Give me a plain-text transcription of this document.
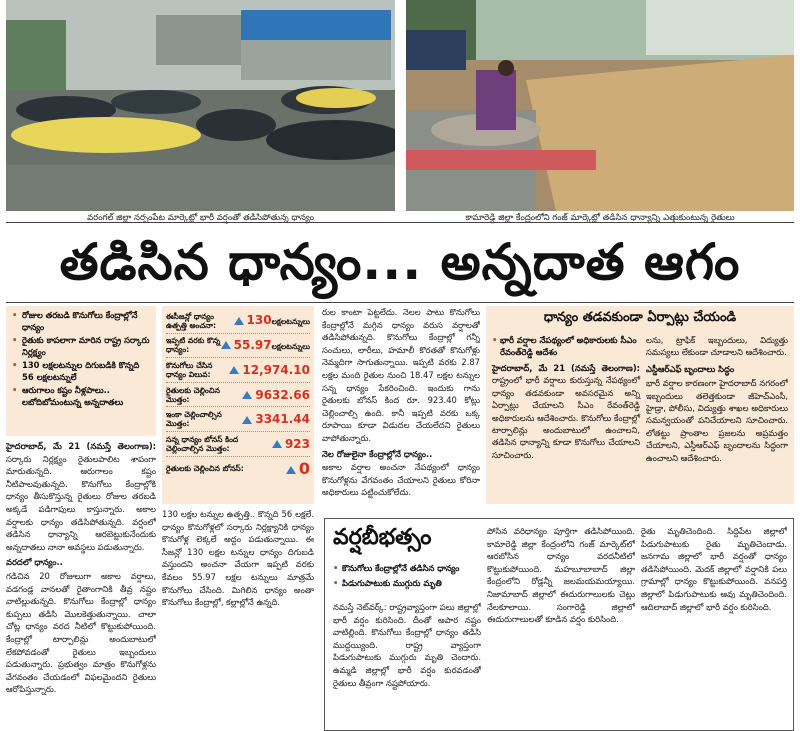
వరంగల్ జిల్లా నర్సంపేట మార్కెట్లో భారీ వర్షంతో తడిసిపోతున్న ధాన్యం	కామారెడ్డి జిల్లా కేంద్రంలోని గంజ్ మార్కెట్లో తడిసిన ధాన్యాన్ని ఎత్తుకుంటున్న రైతులు
తడిసిన ధాన్యం... అన్నదాత ఆగం
• రోజుల తరబడి కొనుగోలు కేంద్రాల్లోనే ధాన్యం
• రైతుకు కాపలాగా మారిన రాష్ట్ర సర్కారు నిర్లక్ష్యం
• 130 లక్షలటన్నుల దిగుబడికి కొన్నది 56 లక్షలటన్నులే
• ఆరుగాలం కష్టం నీళ్లపాలు.. లబోదిబోమంటున్న అన్నదాతలు

హైదరాబాద్, మే 21 (నమస్తే తెలంగాణ): సర్కారు నిర్లక్ష్యం రైతులపాలిట శాపంగా మారుతున్నది. ఆరుగాలం కష్టం నీటిపాలవుతున్నది. కొనుగోలు కేంద్రాల్లోకి ధాన్యం తీసుకొస్తున్న రైతులు రోజుల తరబడి అక్కడే పడిగాపులు కాస్తున్నారు. అకాల వర్షాలకు ధాన్యం తడిసిపోతున్నది. వర్షంలో తడిసిన ధాన్యాన్ని ఆరబెట్టుకునేందుకు అన్నదాతలు నానా అవస్థలు పడుతున్నారు.

వరదలో ధాన్యం..

గడిచిన 20 రోజులుగా అకాల వర్షాలు, వడగండ్ల వానలతో రైతాంగానికి తీవ్ర నష్టం వాటిల్లుతున్నది. కొనుగోలు కేంద్రాల్లో ధాన్యం కుప్పలు తడిసి మొలకెత్తుతున్నాయి. చాలా చోట్ల ధాన్యం వరద నీటిలో కొట్టుకుపోయింది. కేంద్రాల్లో టార్పాలిన్లు అందుబాటులో లేకపోవడంతో రైతులు ఇబ్బందులు పడుతున్నారు. ప్రభుత్వం మాత్రం కొనుగోళ్లను వేగవంతం చేయడంలో విఫలమైందని రైతులు ఆరోపిస్తున్నారు.

ఈసీజన్లో ధాన్యం ఉత్పత్తి అంచనా:	130లక్షలటన్నులు
ఇప్పటి వరకు కొన్న ధాన్యం:	55.97లక్షలటన్నులు
కొనుగోలు చేసిన ధాన్యం విలువ:	12,974.10
రైతులకు చెల్లించిన మొత్తం:	9632.66
ఇంకా చెల్లించాల్సిన మొత్తం:	3341.44
సన్న ధాన్యం బోనస్ కింద చెల్లించాల్సిన మొత్తం:	923
రైతులకు చెల్లించిన బోనస్:	0

130 లక్షల టన్నుల ఉత్పత్తి.. కొన్నది 56 లక్షలే. ధాన్యం కొనుగోళ్లలో సర్కారు నిర్లక్ష్యానికి ధాన్యం కొనుగోళ్ల లెక్కలే అద్దం పడుతున్నాయి. ఈ సీజన్లో 130 లక్షల టన్నుల ధాన్యం దిగుబడి వస్తుందని అంచనా వేయగా ఇప్పటి వరకు కేవలం 55.97 లక్షల టన్నులు మాత్రమే కొనుగోలు చేసింది. మిగిలిన ధాన్యం అంతా కొనుగోలు కేంద్రాల్లో, కల్లాల్లోనే ఉన్నది.

రుల కాంటా పెట్టలేదు. నెలల పాటు కొనుగోలు కేంద్రాల్లోనే మగ్గిన ధాన్యం వరుస వర్షాలతో తడిసిపోతున్నది. కొనుగోలు కేంద్రాల్లో గన్నీ సంచులు, లారీలు, హమాలీ కొరతతో కొనుగోళ్లు నెమ్మదిగా సాగుతున్నాయి. ఇప్పటి వరకు 2.87 లక్షల మంది రైతుల నుంచి 18.47 లక్షల టన్నుల సన్న ధాన్యం సేకరించింది. ఇందుకు గాను రైతులకు బోనస్ కింద రూ. 923.40 కోట్లు చెల్లించాల్సి ఉంది. కానీ ఇప్పటి వరకు ఒక్క రూపాయి కూడా విడుదల చేయలేదని రైతులు వాపోతున్నారు.

నెల రోజులైనా కేంద్రాల్లోనే ధాన్యం..

అకాల వర్షాల అంచనా నేపథ్యంలో ధాన్యం కొనుగోళ్లను వేగవంతం చేయాలని రైతులు కోరినా అధికారులు పట్టించుకోలేదు.

ధాన్యం తడవకుండా ఏర్పాట్లు చేయండి
• భారీ వర్షాల నేపథ్యంలో అధికారులకు సీఎం రేవంత్‌రెడ్డి ఆదేశం
హైదరాబాద్, మే 21 (నమస్తే తెలంగాణ): రాష్ట్రంలో భారీ వర్షాలు కురుస్తున్న నేపథ్యంలో ధాన్యం తడవకుండా అవసరమైన అన్ని ఏర్పాట్లు చేయాలని సీఎం రేవంత్‌రెడ్డి అధికారులను ఆదేశించారు. కొనుగోలు కేంద్రాల్లో టార్పాలిన్లు అందుబాటులో ఉంచాలని, తడిసిన ధాన్యాన్ని కూడా కొనుగోలు చేయాలని సూచించారు.

లను, ట్రాఫిక్ ఇబ్బందులు, విద్యుత్తు సమస్యలు లేకుండా చూడాలని ఆదేశించారు.

ఎస్డీఆర్ఎఫ్ బృందాలు సిద్ధం

భారీ వర్షాల కారణంగా హైదరాబాద్ నగరంలో ఇబ్బందులు తలెత్తకుండా జీహెచ్ఎంసీ, హైడ్రా, పోలీసు, విద్యుత్తు శాఖల అధికారులు సమన్వయంతో పనిచేయాలని సూచించారు. లోతట్టు ప్రాంతాల ప్రజలను అప్రమత్తం చేయాలని, ఎస్డీఆర్ఎఫ్ బృందాలను సిద్ధంగా ఉంచాలని ఆదేశించారు.

వర్షబీభత్సం
• కొనుగోలు కేంద్రాల్లోనే తడిసిన ధాన్యం
• పిడుగుపాటుకు ముగ్గురు మృతి
నమస్తే నెట్‌వర్క్: రాష్ట్రవ్యాప్తంగా పలు జిల్లాల్లో భారీ వర్షం కురిసింది. దీంతో అపార నష్టం వాటిల్లింది. కొనుగోలు కేంద్రాల్లో ధాన్యం తడిసి ముద్దయ్యింది. రాష్ట్ర వ్యాప్తంగా పిడుగుపాటుకు ముగ్గురు మృతి చెందారు. ఉమ్మడి జిల్లాల్లో భారీ వర్షం కురవడంతో రైతులు తీవ్రంగా నష్టపోయారు.
పోసిన వరిధాన్యం పూర్తిగా తడిసిపోయింది. కామారెడ్డి జిల్లా కేంద్రంలోని గంజ్ మార్కెట్‌లో ఆరబోసిన ధాన్యం వరదనీటిలో కొట్టుకుపోయింది. మహబూబాబాద్ జిల్లా కేంద్రంలోని రోడ్లన్నీ జలమయమయ్యాయి. నిజామాబాద్ జిల్లాలో ఈదురుగాలులకు చెట్లు నేలకూలాయి. సంగారెడ్డి జిల్లాలో ఈదురుగాలులతో కూడిన వర్షం కురిసింది.
రైతు మృతిచెందింది. సిద్దిపేట జిల్లాలో పిడుగుపాటుకు రైతు మృతిచెందాడు. జనగామ జిల్లాలో భారీ వర్షంతో ధాన్యం తడిసిపోయింది. మెదక్ జిల్లాలో వర్షానికి పలు గ్రామాల్లో ధాన్యం కొట్టుకుపోయింది. వనపర్తి జిల్లాలో పిడుగుపాటుకు ఆవు మృతిచెందింది. ఆదిలాబాద్ జిల్లాలో భారీ వర్షం కురిసింది.
